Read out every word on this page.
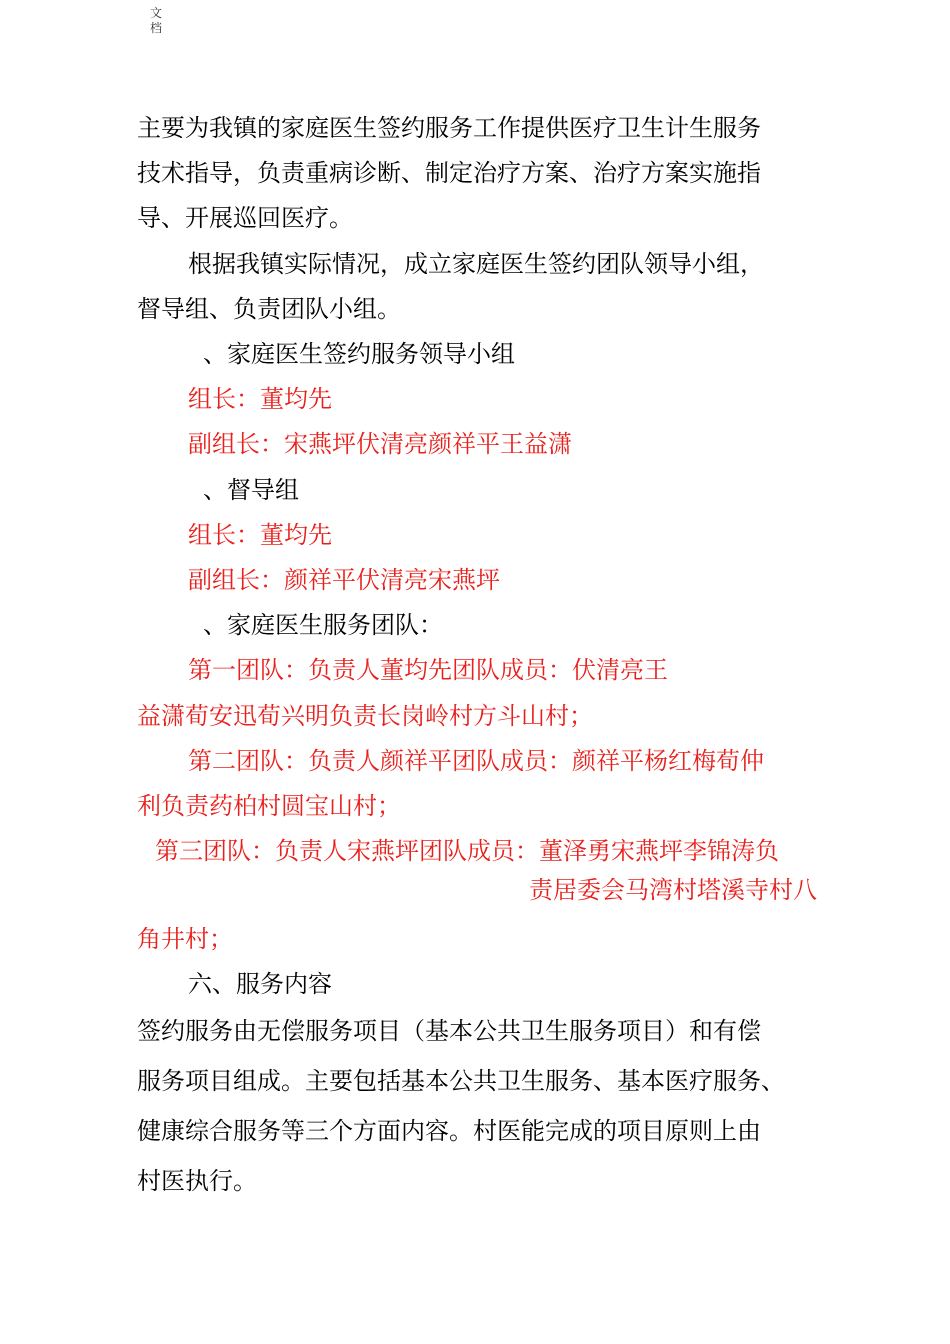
文
档
主要为我镇的家庭医生签约服务工作提供医疗卫生计生服务
技术指导，负责重病诊断、制定治疗方案、治疗方案实施指
导、开展巡回医疗。
根据我镇实际情况，成立家庭医生签约团队领导小组，
督导组、负责团队小组。
、家庭医生签约服务领导小组
组长：董均先
副组长：宋燕坪伏清亮颜祥平王益潇
、督导组
组长：董均先
副组长：颜祥平伏清亮宋燕坪
、家庭医生服务团队：
第一团队：负责人董均先团队成员：伏清亮王
益潇荀安迅荀兴明负责长岗岭村方斗山村；
第二团队：负责人颜祥平团队成员：颜祥平杨红梅荀仲
利负责药柏村圆宝山村；
第三团队：负责人宋燕坪团队成员：董泽勇宋燕坪李锦涛负
责居委会马湾村塔溪寺村八
角井村；
六、服务内容
签约服务由无偿服务项目（基本公共卫生服务项目）和有偿
服务项目组成。主要包括基本公共卫生服务、基本医疗服务、
健康综合服务等三个方面内容。村医能完成的项目原则上由
村医执行。
